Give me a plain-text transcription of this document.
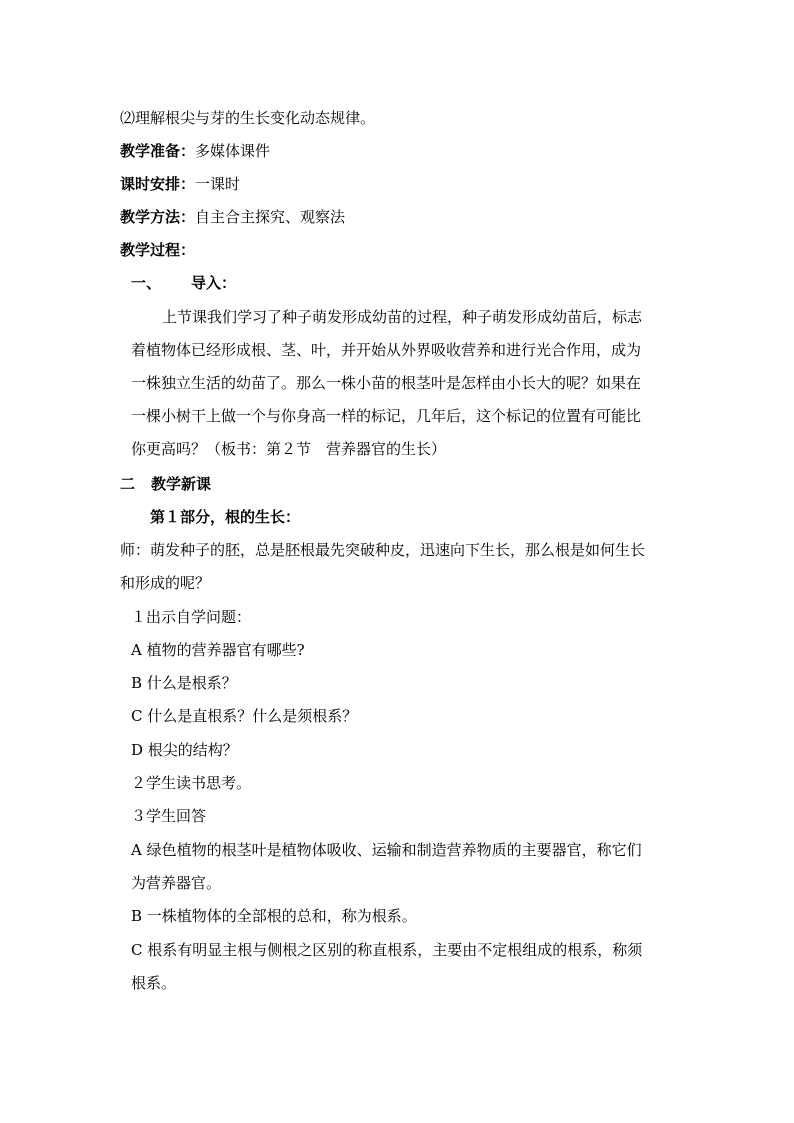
⑵理解根尖与芽的生长变化动态规律。
教学准备：多媒体课件
课时安排：一课时
教学方法：自主合主探究、观察法
教学过程：
一、 导入：
上节课我们学习了种子萌发形成幼苗的过程，种子萌发形成幼苗后，标志
着植物体已经形成根、茎、叶，并开始从外界吸收营养和进行光合作用，成为
一株独立生活的幼苗了。那么一株小苗的根茎叶是怎样由小长大的呢？如果在
一棵小树干上做一个与你身高一样的标记，几年后，这个标记的位置有可能比
你更高吗？（板书：第２节　营养器官的生长）
二 教学新课
第１部分，根的生长：
师：萌发种子的胚，总是胚根最先突破种皮，迅速向下生长，那么根是如何生长
和形成的呢？
１出示自学问题：
A 植物的营养器官有哪些?
B 什么是根系？
C 什么是直根系？什么是须根系？
D 根尖的结构？
２学生读书思考。
３学生回答
A 绿色植物的根茎叶是植物体吸收、运输和制造营养物质的主要器官，称它们
为营养器官。
B 一株植物体的全部根的总和，称为根系。
C 根系有明显主根与侧根之区别的称直根系，主要由不定根组成的根系，称须
根系。
